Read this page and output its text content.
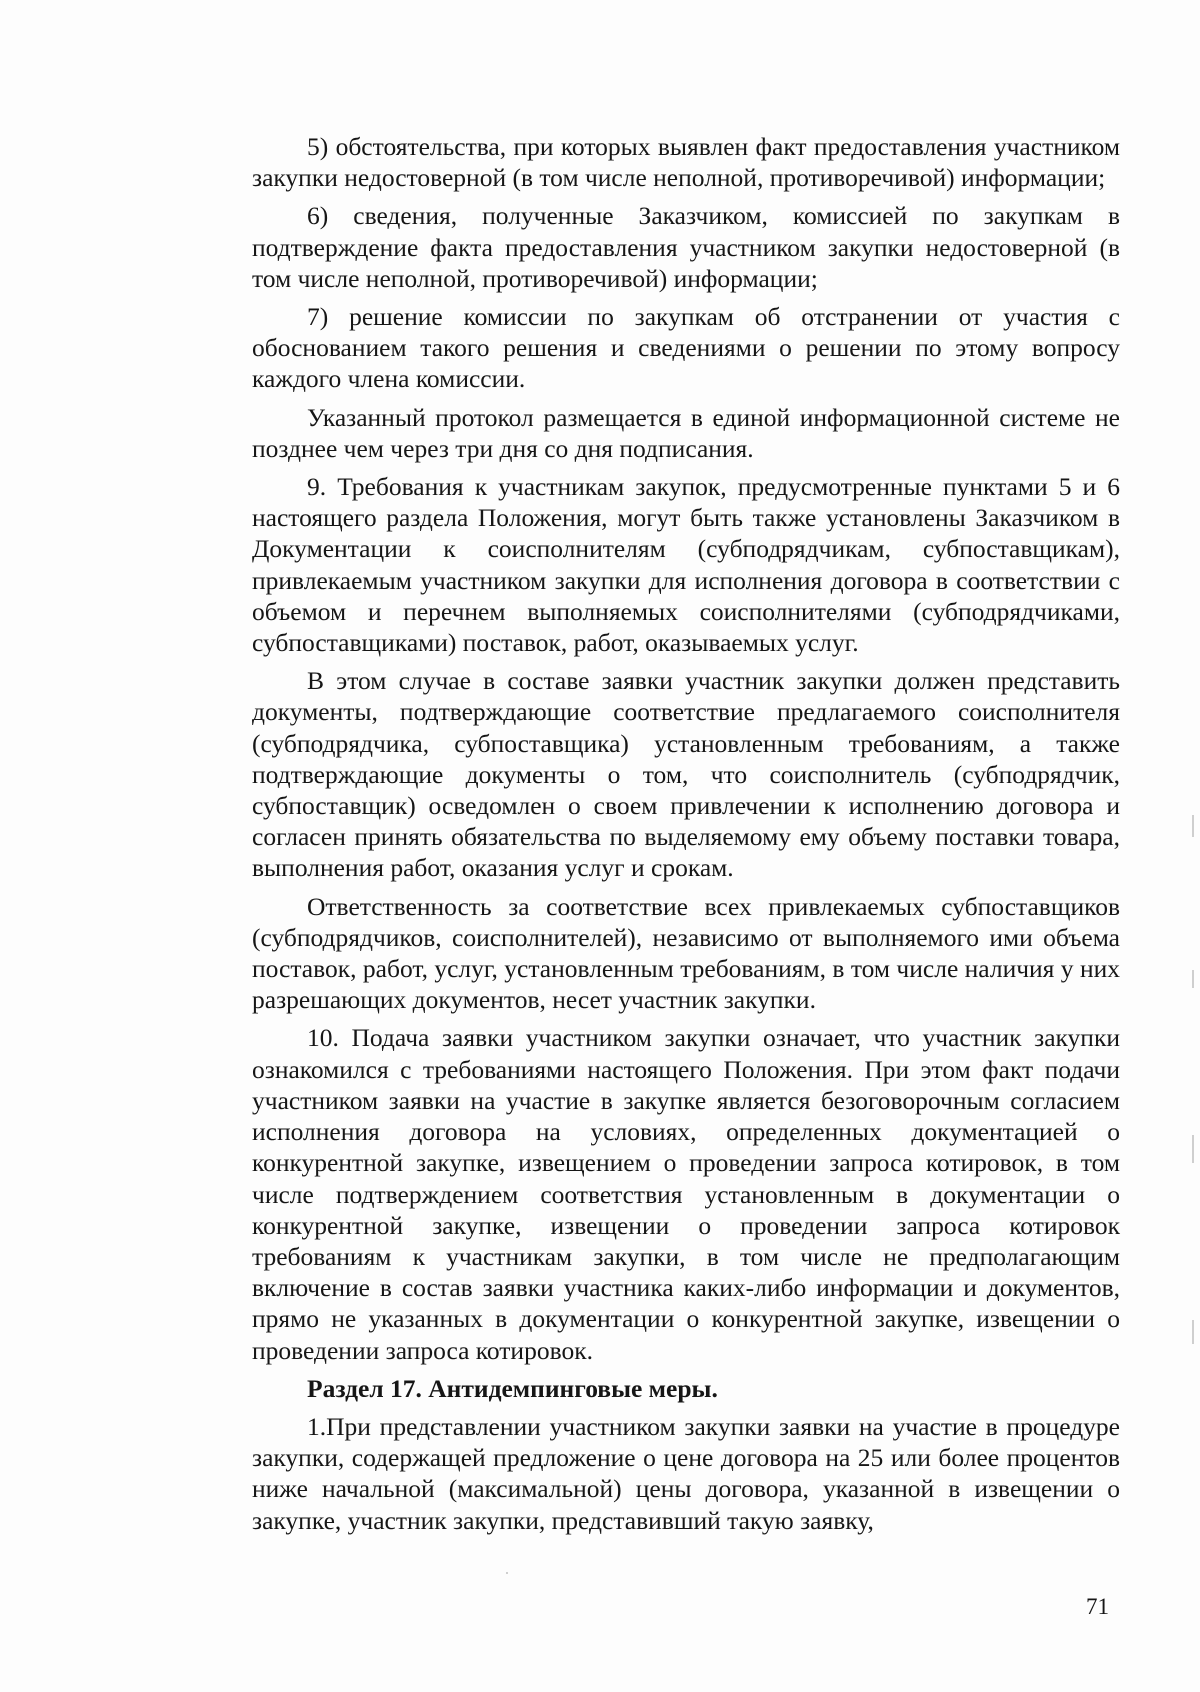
5) обстоятельства, при которых выявлен факт предоставления участником закупки недостоверной (в том числе неполной, противоречивой) информации;

6) сведения, полученные Заказчиком, комиссией по закупкам в подтверждение факта предоставления участником закупки недостоверной (в том числе неполной, противоречивой) информации;

7) решение комиссии по закупкам об отстранении от участия с обоснованием такого решения и сведениями о решении по этому вопросу каждого члена комиссии.

Указанный протокол размещается в единой информационной системе не позднее чем через три дня со дня подписания.

9. Требования к участникам закупок, предусмотренные пунктами 5 и 6 настоящего раздела Положения, могут быть также установлены Заказчиком в Документации к соисполнителям (субподрядчикам, субпоставщикам), привлекаемым участником закупки для исполнения договора в соответствии с объемом и перечнем выполняемых соисполнителями (субподрядчиками, субпоставщиками) поставок, работ, оказываемых услуг.

В этом случае в составе заявки участник закупки должен представить документы, подтверждающие соответствие предлагаемого соисполнителя (субподрядчика, субпоставщика) установленным требованиям, а также подтверждающие документы о том, что соисполнитель (субподрядчик, субпоставщик) осведомлен о своем привлечении к исполнению договора и согласен принять обязательства по выделяемому ему объему поставки товара, выполнения работ, оказания услуг и срокам.

Ответственность за соответствие всех привлекаемых субпоставщиков (субподрядчиков, соисполнителей), независимо от выполняемого ими объема поставок, работ, услуг, установленным требованиям, в том числе наличия у них разрешающих документов, несет участник закупки.

10. Подача заявки участником закупки означает, что участник закупки ознакомился с требованиями настоящего Положения. При этом факт подачи участником заявки на участие в закупке является безоговорочным согласием исполнения договора на условиях, определенных документацией о конкурентной закупке, извещением о проведении запроса котировок, в том числе подтверждением соответствия установленным в документации о конкурентной закупке, извещении о проведении запроса котировок требованиям к участникам закупки, в том числе не предполагающим включение в состав заявки участника каких-либо информации и документов, прямо не указанных в документации о конкурентной закупке, извещении о проведении запроса котировок.

Раздел 17. Антидемпинговые меры.

1.При представлении участником закупки заявки на участие в процедуре закупки, содержащей предложение о цене договора на 25 или более процентов ниже начальной (максимальной) цены договора, указанной в извещении о закупке, участник закупки, представивший такую заявку,

71
